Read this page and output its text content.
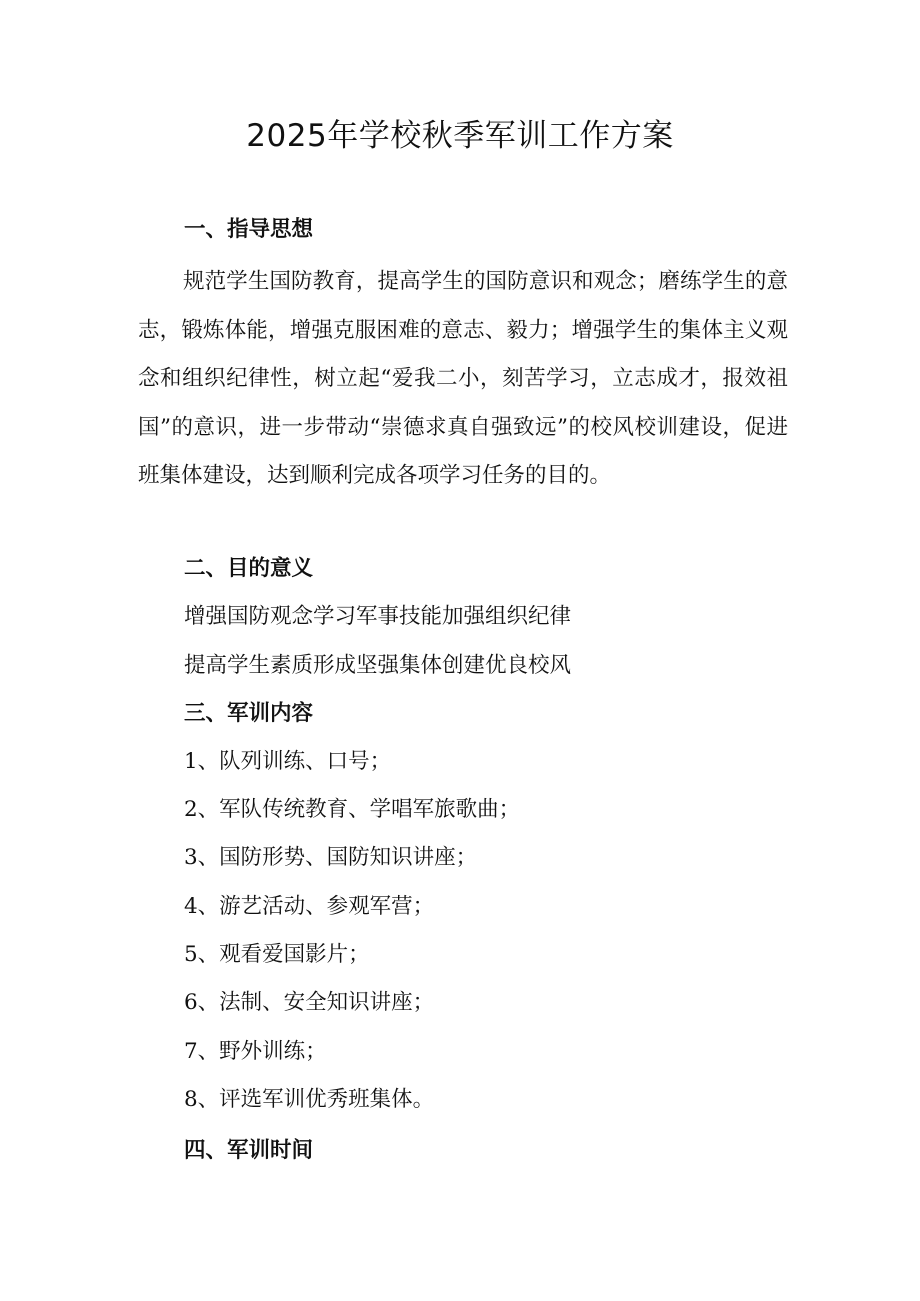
2025年学校秋季军训工作方案
一、指导思想

规范学生国防教育，提高学生的国防意识和观念；磨练学生的意志，锻炼体能，增强克服困难的意志、毅力；增强学生的集体主义观念和组织纪律性，树立起“爱我二小，刻苦学习，立志成才，报效祖国”的意识，进一步带动“崇德求真自强致远”的校风校训建设，促进班集体建设，达到顺利完成各项学习任务的目的。

二、目的意义
增强国防观念学习军事技能加强组织纪律
提高学生素质形成坚强集体创建优良校风
三、军训内容
1、队列训练、口号；
2、军队传统教育、学唱军旅歌曲；
3、国防形势、国防知识讲座；
4、游艺活动、参观军营；
5、观看爱国影片；
6、法制、安全知识讲座；
7、野外训练；
8、评选军训优秀班集体。
四、军训时间
